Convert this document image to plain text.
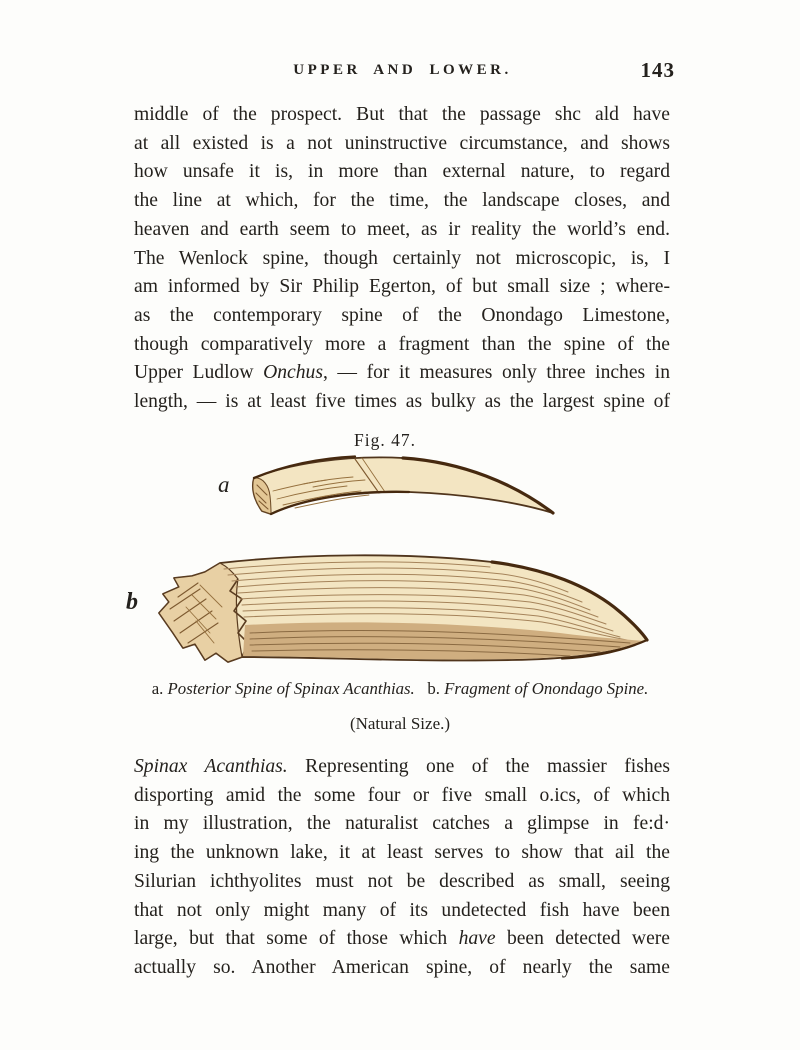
UPPER AND LOWER.	143
middle of the prospect. But that the passage shc ald have
at all existed is a not uninstructive circumstance, and shows
how unsafe it is, in more than external nature, to regard
the line at which, for the time, the landscape closes, and
heaven and earth seem to meet, as ir reality the world’s end.
The Wenlock spine, though certainly not microscopic, is, I
am informed by Sir Philip Egerton, of but small size ; where-
as the contemporary spine of the Onondago Limestone,
though comparatively more a fragment than the spine of the
Upper Ludlow Onchus, — for it measures only three inches in
length, — is at least five times as bulky as the largest spine of
Fig. 47.
a
b
a. Posterior Spine of Spinax Acanthias.  b. Fragment of Onondago Spine.
(Natural Size.)
Spinax Acanthias. Representing one of the massier fishes
disporting amid the some four or five small o.ics, of which
in my illustration, the naturalist catches a glimpse in fe:d·
ing the unknown lake, it at least serves to show that ail the
Silurian ichthyolites must not be described as small, seeing
that not only might many of its undetected fish have been
large, but that some of those which have been detected were
actually so. Another American spine, of nearly the same
